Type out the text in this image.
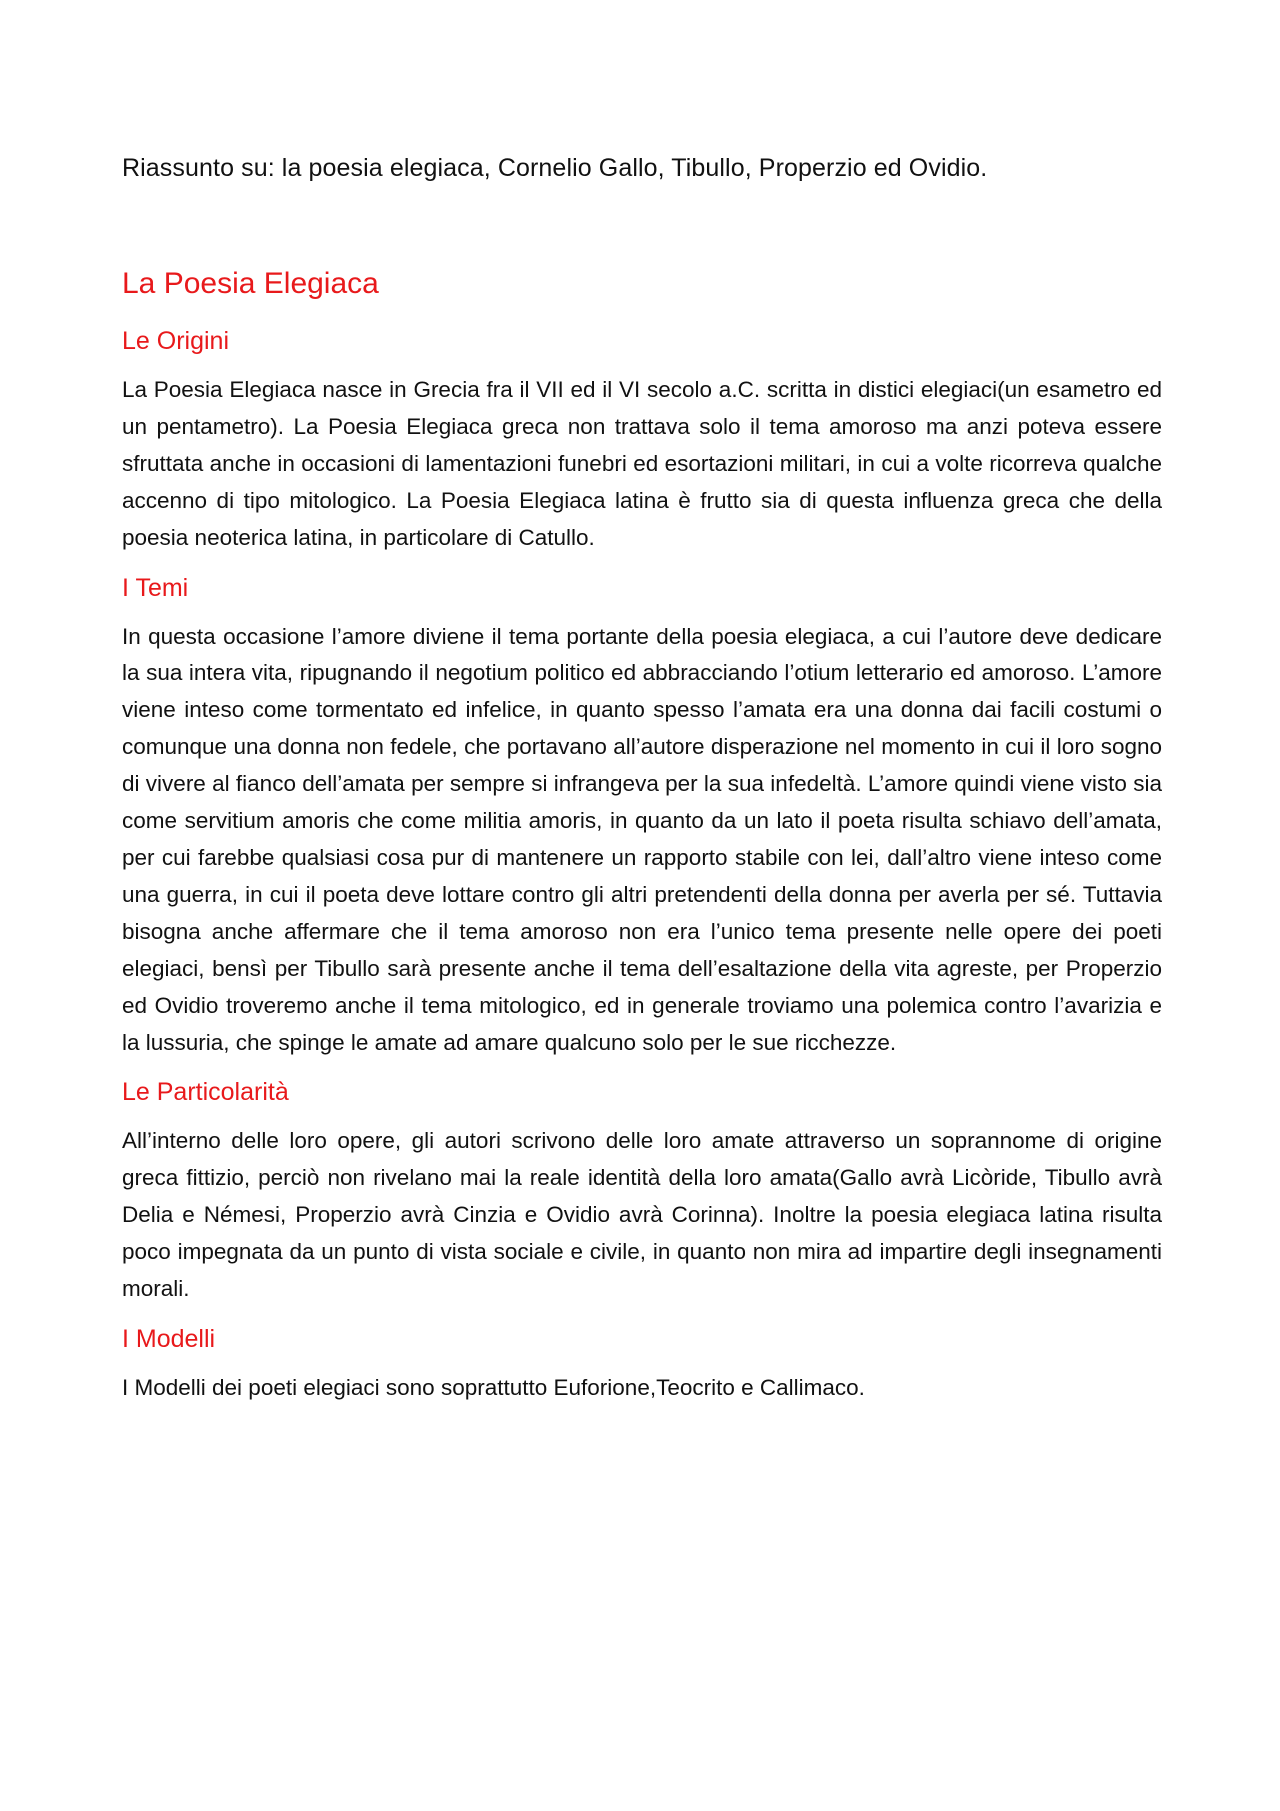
Riassunto su: la poesia elegiaca, Cornelio Gallo, Tibullo, Properzio ed Ovidio.

La Poesia Elegiaca
Le Origini

La Poesia Elegiaca nasce in Grecia fra il VII ed il VI secolo a.C. scritta in distici elegiaci(un esametro ed un pentametro). La Poesia Elegiaca greca non trattava solo il tema amoroso ma anzi poteva essere sfruttata anche in occasioni di lamentazioni funebri ed esortazioni militari, in cui a volte ricorreva qualche accenno di tipo mitologico. La Poesia Elegiaca latina è frutto sia di questa influenza greca che della poesia neoterica latina, in particolare di Catullo.

I Temi

In questa occasione l’amore diviene il tema portante della poesia elegiaca, a cui l’autore deve dedicare la sua intera vita, ripugnando il negotium politico ed abbracciando l’otium letterario ed amoroso. L’amore viene inteso come tormentato ed infelice, in quanto spesso l’amata era una donna dai facili costumi o comunque una donna non fedele, che portavano all’autore disperazione nel momento in cui il loro sogno di vivere al fianco dell’amata per sempre si infrangeva per la sua infedeltà. L’amore quindi viene visto sia come servitium amoris che come militia amoris, in quanto da un lato il poeta risulta schiavo dell’amata, per cui farebbe qualsiasi cosa pur di mantenere un rapporto stabile con lei, dall’altro viene inteso come una guerra, in cui il poeta deve lottare contro gli altri pretendenti della donna per averla per sé. Tuttavia bisogna anche affermare che il tema amoroso non era l’unico tema presente nelle opere dei poeti elegiaci, bensì per Tibullo sarà presente anche il tema dell’esaltazione della vita agreste, per Properzio ed Ovidio troveremo anche il tema mitologico, ed in generale troviamo una polemica contro l’avarizia e la lussuria, che spinge le amate ad amare qualcuno solo per le sue ricchezze.

Le Particolarità

All’interno delle loro opere, gli autori scrivono delle loro amate attraverso un soprannome di origine greca fittizio, perciò non rivelano mai la reale identità della loro amata(Gallo avrà Licòride, Tibullo avrà Delia e Némesi, Properzio avrà Cinzia e Ovidio avrà Corinna). Inoltre la poesia elegiaca latina risulta poco impegnata da un punto di vista sociale e civile, in quanto non mira ad impartire degli insegnamenti morali.

I Modelli

I Modelli dei poeti elegiaci sono soprattutto Euforione,Teocrito e Callimaco.
